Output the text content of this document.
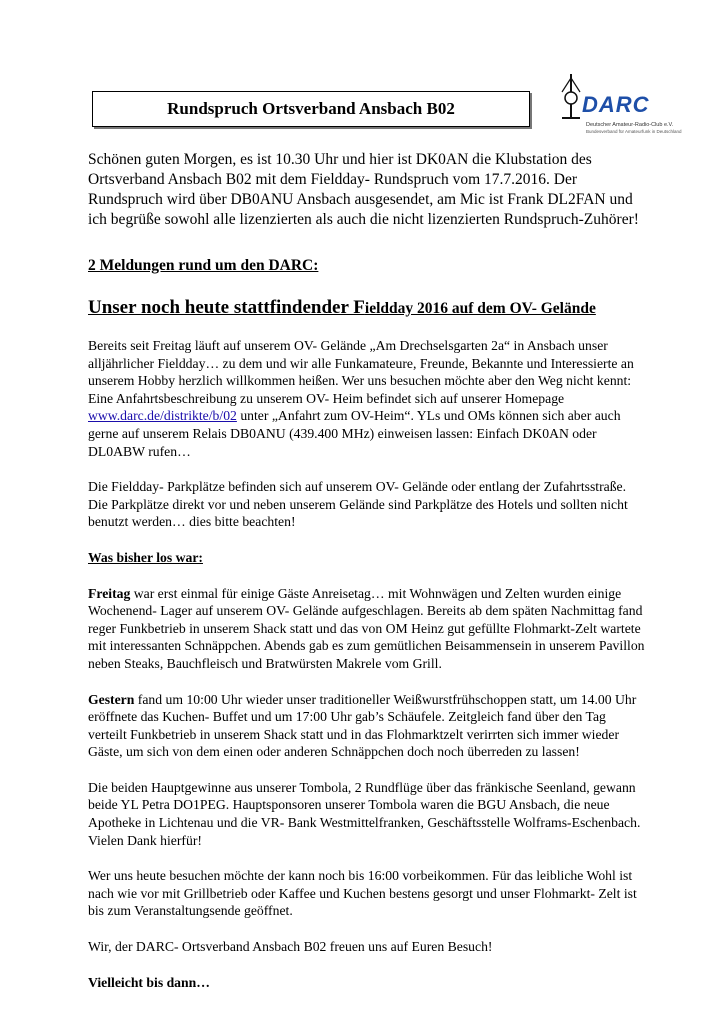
Rundspruch Ortsverband Ansbach B02	DARC
Deutscher Amateur-Radio-Club e.V.
Bundesverband für Amateurfunk in Deutschland

Schönen guten Morgen, es ist 10.30 Uhr und hier ist DK0AN die Klubstation des Ortsverband Ansbach B02 mit dem Fieldday- Rundspruch vom 17.7.2016. Der Rundspruch wird über DB0ANU Ansbach ausgesendet, am Mic ist Frank DL2FAN und ich begrüße sowohl alle lizenzierten als auch die nicht lizenzierten Rundspruch-Zuhörer!

2 Meldungen rund um den DARC:
Unser noch heute stattfindender Fieldday 2016 auf dem OV- Gelände

Bereits seit Freitag läuft auf unserem OV- Gelände „Am Drechselsgarten 2a“ in Ansbach unser alljährlicher Fieldday… zu dem und wir alle Funkamateure, Freunde, Bekannte und Interessierte an unserem Hobby herzlich willkommen heißen. Wer uns besuchen möchte aber den Weg nicht kennt: Eine Anfahrtsbeschreibung zu unserem OV- Heim befindet sich auf unserer Homepage www.darc.de/distrikte/b/02 unter „Anfahrt zum OV-Heim“. YLs und OMs können sich aber auch gerne auf unserem Relais DB0ANU (439.400 MHz) einweisen lassen: Einfach DK0AN oder DL0ABW rufen…

Die Fieldday- Parkplätze befinden sich auf unserem OV- Gelände oder entlang der Zufahrtsstraße. Die Parkplätze direkt vor und neben unserem Gelände sind Parkplätze des Hotels und sollten nicht benutzt werden… dies bitte beachten!

Was bisher los war:

Freitag war erst einmal für einige Gäste Anreisetag… mit Wohnwägen und Zelten wurden einige Wochenend- Lager auf unserem OV- Gelände aufgeschlagen. Bereits ab dem späten Nachmittag fand reger Funkbetrieb in unserem Shack statt und das von OM Heinz gut gefüllte Flohmarkt-Zelt wartete mit interessanten Schnäppchen. Abends gab es zum gemütlichen Beisammensein in unserem Pavillon neben Steaks, Bauchfleisch und Bratwürsten Makrele vom Grill.

Gestern fand um 10:00 Uhr wieder unser traditioneller Weißwurstfrühschoppen statt, um 14.00 Uhr eröffnete das Kuchen- Buffet und um 17:00 Uhr gab’s Schäufele. Zeitgleich fand über den Tag verteilt Funkbetrieb in unserem Shack statt und in das Flohmarktzelt verirrten sich immer wieder Gäste, um sich von dem einen oder anderen Schnäppchen doch noch überreden zu lassen!

Die beiden Hauptgewinne aus unserer Tombola, 2 Rundflüge über das fränkische Seenland, gewann beide YL Petra DO1PEG. Hauptsponsoren unserer Tombola waren die BGU Ansbach, die neue Apotheke in Lichtenau und die VR- Bank Westmittelfranken, Geschäftsstelle Wolframs-Eschenbach. Vielen Dank hierfür!

Wer uns heute besuchen möchte der kann noch bis 16:00 vorbeikommen. Für das leibliche Wohl ist nach wie vor mit Grillbetrieb oder Kaffee und Kuchen bestens gesorgt und unser Flohmarkt- Zelt ist bis zum Veranstaltungsende geöffnet.

Wir, der DARC- Ortsverband Ansbach B02 freuen uns auf Euren Besuch!

Vielleicht bis dann…
